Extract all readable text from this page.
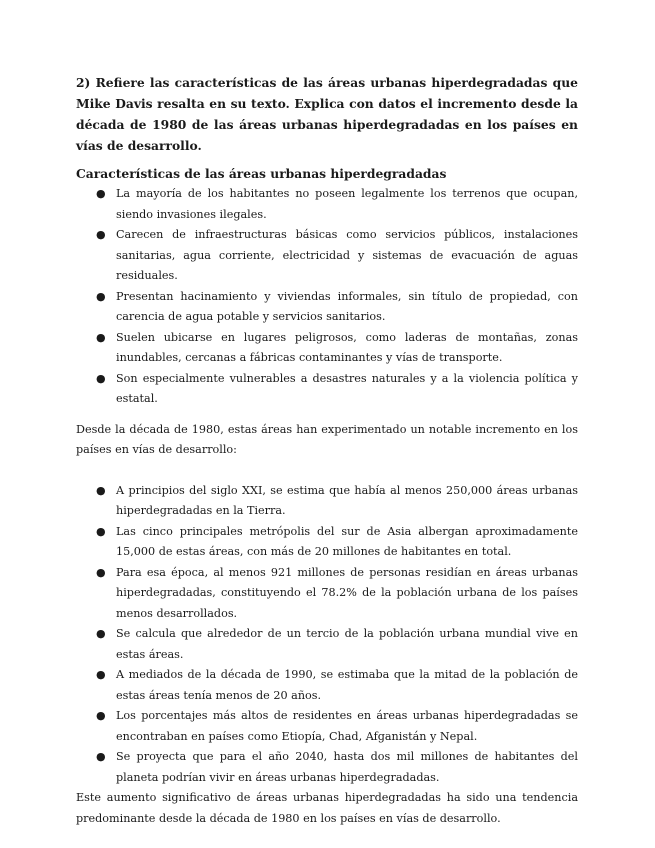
2) Refiere las características de las áreas urbanas hiperdegradadas que Mike Davis resalta en su texto. Explica con datos el incremento desde la década de 1980 de las áreas urbanas hiperdegradadas en los países en vías de desarrollo.

Características de las áreas urbanas hiperdegradadas

● La mayoría de los habitantes no poseen legalmente los terrenos que ocupan, siendo invasiones ilegales.
● Carecen de infraestructuras básicas como servicios públicos, instalaciones sanitarias, agua corriente, electricidad y sistemas de evacuación de aguas residuales.
● Presentan hacinamiento y viviendas informales, sin título de propiedad, con carencia de agua potable y servicios sanitarios.
● Suelen ubicarse en lugares peligrosos, como laderas de montañas, zonas inundables, cercanas a fábricas contaminantes y vías de transporte.
● Son especialmente vulnerables a desastres naturales y a la violencia política y estatal.

Desde la década de 1980, estas áreas han experimentado un notable incremento en los países en vías de desarrollo:

● A principios del siglo XXI, se estima que había al menos 250,000 áreas urbanas hiperdegradadas en la Tierra.
● Las cinco principales metrópolis del sur de Asia albergan aproximadamente 15,000 de estas áreas, con más de 20 millones de habitantes en total.
● Para esa época, al menos 921 millones de personas residían en áreas urbanas hiperdegradadas, constituyendo el 78.2% de la población urbana de los países menos desarrollados.
● Se calcula que alrededor de un tercio de la población urbana mundial vive en estas áreas.
● A mediados de la década de 1990, se estimaba que la mitad de la población de estas áreas tenía menos de 20 años.
● Los porcentajes más altos de residentes en áreas urbanas hiperdegradadas se encontraban en países como Etiopía, Chad, Afganistán y Nepal.
● Se proyecta que para el año 2040, hasta dos mil millones de habitantes del planeta podrían vivir en áreas urbanas hiperdegradadas.

Este aumento significativo de áreas urbanas hiperdegradadas ha sido una tendencia predominante desde la década de 1980 en los países en vías de desarrollo.
